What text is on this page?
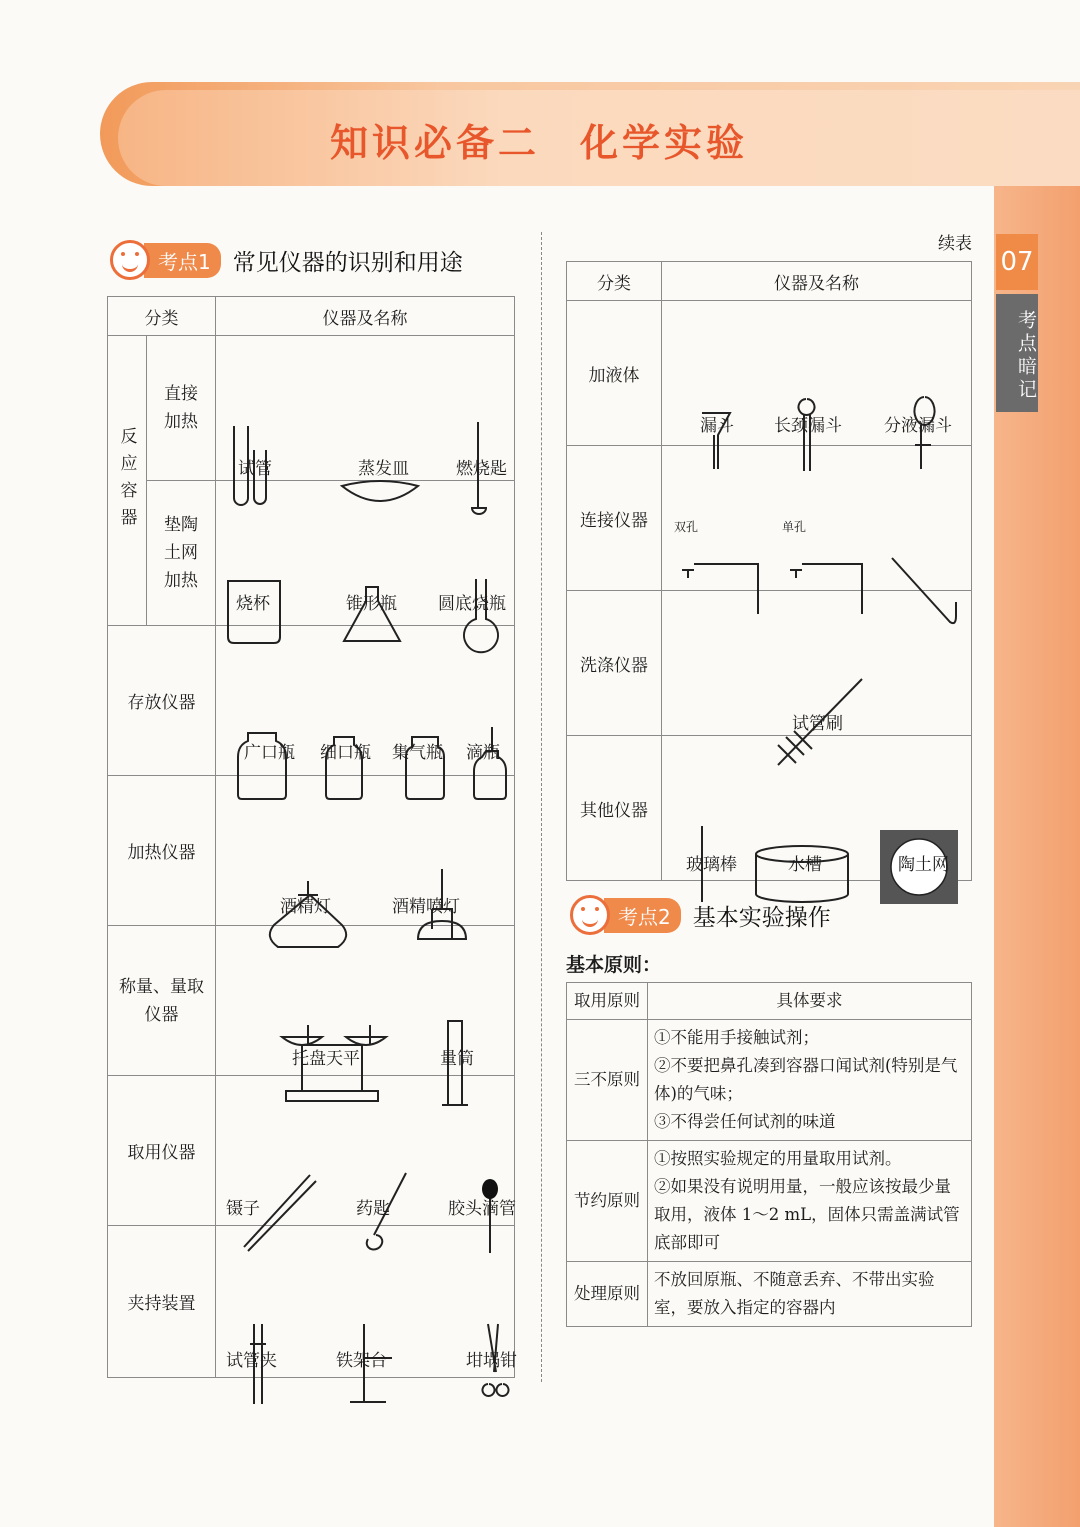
知识必备二 化学实验
07
考点暗记
考点1 常见仪器的识别和用途
分类		仪器及名称

反应容器	直接加热	试管 蒸发皿 燃烧匙

	垫陶土网加热	烧杯 锥形瓶 圆底烧瓶

存放仪器		广口瓶 细口瓶 集气瓶 滴瓶

加热仪器		酒精灯 酒精喷灯

称量、量取仪器		托盘天平 量筒

取用仪器		镊子 药匙 胶头滴管

夹持装置		试管夹 铁架台 坩埚钳
续表
分类	仪器及名称
加液体	漏斗 长颈漏斗 分液漏斗

连接仪器	双孔 单孔

洗涤仪器	试管刷

其他仪器	玻璃棒 水槽 陶土网
考点2 基本实验操作
基本原则：
取用原则	具体要求
三不原则	①不能用手接触试剂；
②不要把鼻孔凑到容器口闻试剂(特别是气体)的气味；
③不得尝任何试剂的味道

节约原则	①按照实验规定的用量取用试剂。
②如果没有说明用量，一般应该按最少量取用，液体 1～2 mL，固体只需盖满试管底部即可

处理原则	不放回原瓶、不随意丢弃、不带出实验室，要放入指定的容器内
